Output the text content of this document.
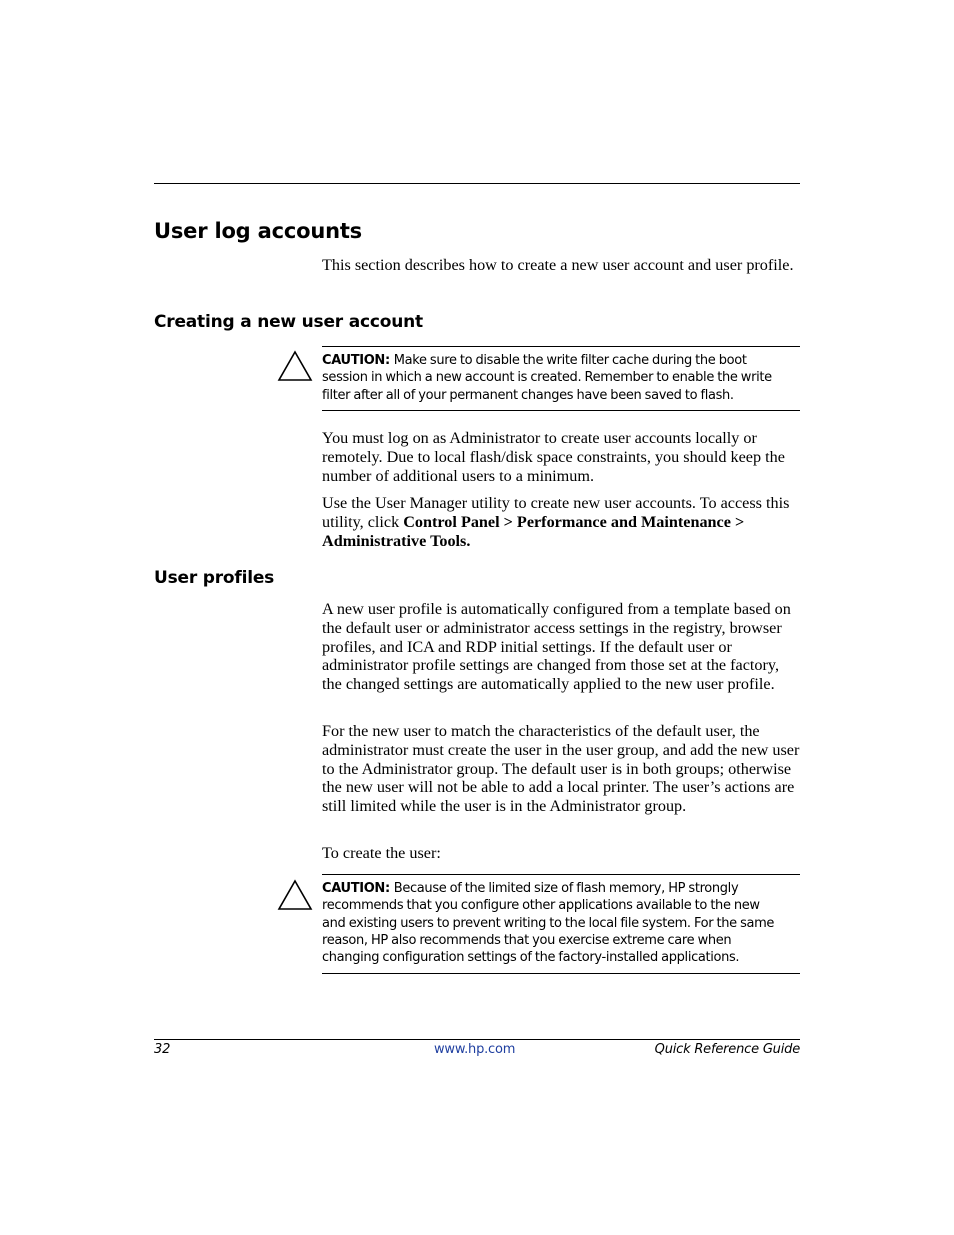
User log accounts

This section describes how to create a new user account and user profile.

Creating a new user account

CAUTION: Make sure to disable the write filter cache during the boot

session in which a new account is created. Remember to enable the write

filter after all of your permanent changes have been saved to flash.

You must log on as Administrator to create user accounts locally or remotely. Due to local flash/disk space constraints, you should keep the number of additional users to a minimum.

Use the User Manager utility to create new user accounts. To access this utility, click Control Panel > Performance and Maintenance > Administrative Tools.

User profiles

A new user profile is automatically configured from a template based on the default user or administrator access settings in the registry, browser profiles, and ICA and RDP initial settings. If the default user or administrator profile settings are changed from those set at the factory, the changed settings are automatically applied to the new user profile.

For the new user to match the characteristics of the default user, the administrator must create the user in the user group, and add the new user to the Administrator group. The default user is in both groups; otherwise the new user will not be able to add a local printer. The user’s actions are still limited while the user is in the Administrator group.

To create the user:

CAUTION: Because of the limited size of flash memory, HP strongly

recommends that you configure other applications available to the new

and existing users to prevent writing to the local file system. For the same

reason, HP also recommends that you exercise extreme care when

changing configuration settings of the factory-installed applications.

32	www.hp.com	Quick Reference Guide
